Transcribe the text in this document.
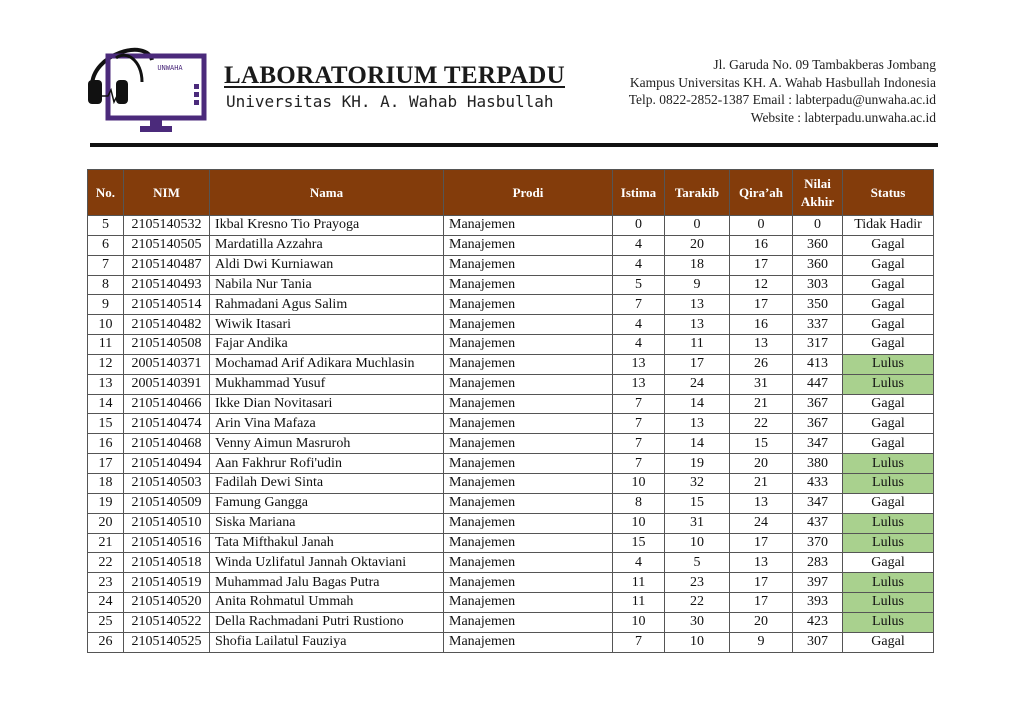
UNWAHA LABORATORIUM TERPADU
Universitas KH. A. Wahab Hasbullah
Jl. Garuda No. 09 Tambakberas Jombang
Kampus Universitas KH. A. Wahab Hasbullah Indonesia
Telp. 0822-2852-1387 Email : labterpadu@unwaha.ac.id
Website : labterpadu.unwaha.ac.id
No.	NIM	Nama	Prodi	Istima	Tarakib	Qira’ah	Nilai Akhir	Status
5	2105140532	Ikbal Kresno Tio Prayoga	Manajemen	0	0	0	0	Tidak Hadir
6	2105140505	Mardatilla Azzahra	Manajemen	4	20	16	360	Gagal
7	2105140487	Aldi Dwi Kurniawan	Manajemen	4	18	17	360	Gagal
8	2105140493	Nabila Nur Tania	Manajemen	5	9	12	303	Gagal
9	2105140514	Rahmadani Agus Salim	Manajemen	7	13	17	350	Gagal
10	2105140482	Wiwik Itasari	Manajemen	4	13	16	337	Gagal
11	2105140508	Fajar Andika	Manajemen	4	11	13	317	Gagal
12	2005140371	Mochamad Arif Adikara Muchlasin	Manajemen	13	17	26	413	Lulus
13	2005140391	Mukhammad Yusuf	Manajemen	13	24	31	447	Lulus
14	2105140466	Ikke Dian Novitasari	Manajemen	7	14	21	367	Gagal
15	2105140474	Arin Vina Mafaza	Manajemen	7	13	22	367	Gagal
16	2105140468	Venny Aimun Masruroh	Manajemen	7	14	15	347	Gagal
17	2105140494	Aan Fakhrur Rofi'udin	Manajemen	7	19	20	380	Lulus
18	2105140503	Fadilah Dewi Sinta	Manajemen	10	32	21	433	Lulus
19	2105140509	Famung Gangga	Manajemen	8	15	13	347	Gagal
20	2105140510	Siska Mariana	Manajemen	10	31	24	437	Lulus
21	2105140516	Tata Mifthakul Janah	Manajemen	15	10	17	370	Lulus
22	2105140518	Winda Uzlifatul Jannah Oktaviani	Manajemen	4	5	13	283	Gagal
23	2105140519	Muhammad Jalu Bagas Putra	Manajemen	11	23	17	397	Lulus
24	2105140520	Anita Rohmatul Ummah	Manajemen	11	22	17	393	Lulus
25	2105140522	Della Rachmadani Putri Rustiono	Manajemen	10	30	20	423	Lulus
26	2105140525	Shofia Lailatul Fauziya	Manajemen	7	10	9	307	Gagal
